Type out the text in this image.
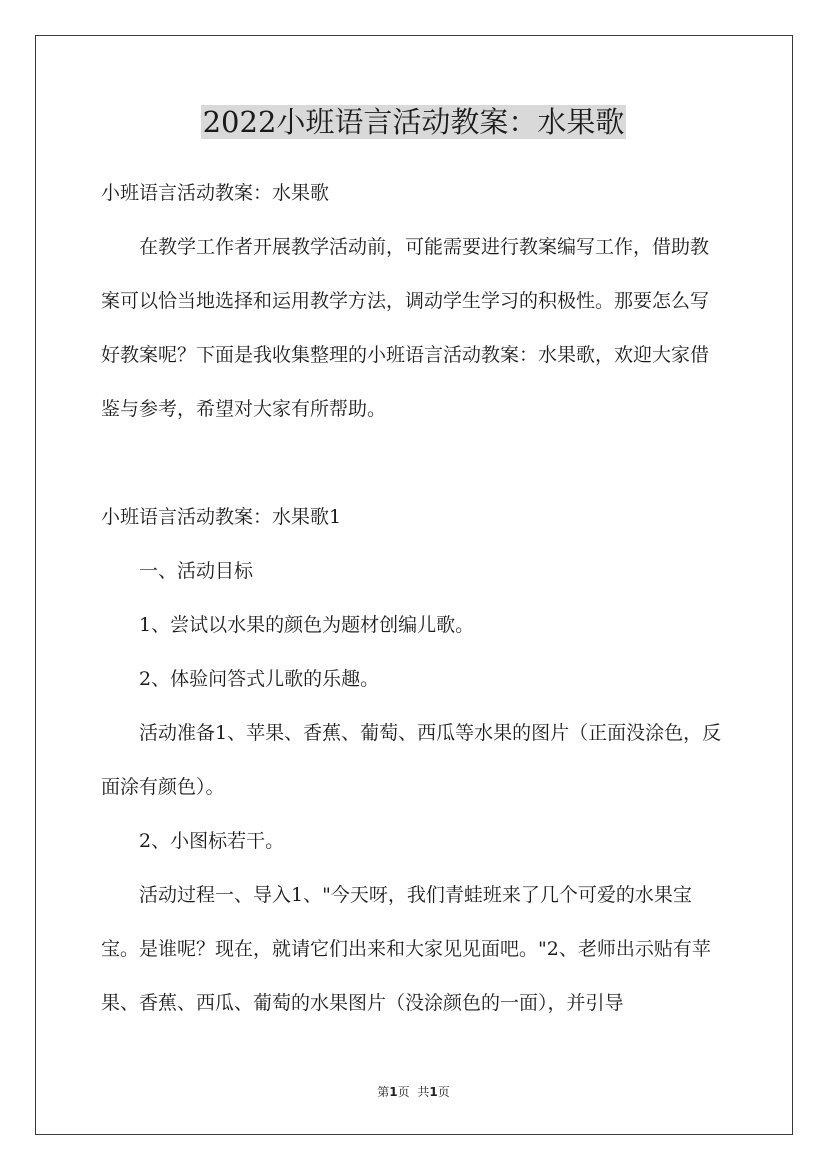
2022小班语言活动教案：水果歌

小班语言活动教案：水果歌

在教学工作者开展教学活动前，可能需要进行教案编写工作，借助教案可以恰当地选择和运用教学方法，调动学生学习的积极性。那要怎么写好教案呢？下面是我收集整理的小班语言活动教案：水果歌，欢迎大家借鉴与参考，希望对大家有所帮助。

小班语言活动教案：水果歌1

一、活动目标

1、尝试以水果的颜色为题材创编儿歌。

2、体验问答式儿歌的乐趣。

活动准备1、苹果、香蕉、葡萄、西瓜等水果的图片（正面没涂色，反面涂有颜色）。

2、小图标若干。

活动过程一、导入1、"今天呀，我们青蛙班来了几个可爱的水果宝宝。是谁呢？现在，就请它们出来和大家见见面吧。"2、老师出示贴有苹果、香蕉、西瓜、葡萄的水果图片（没涂颜色的一面），并引导

第1页 共1页
